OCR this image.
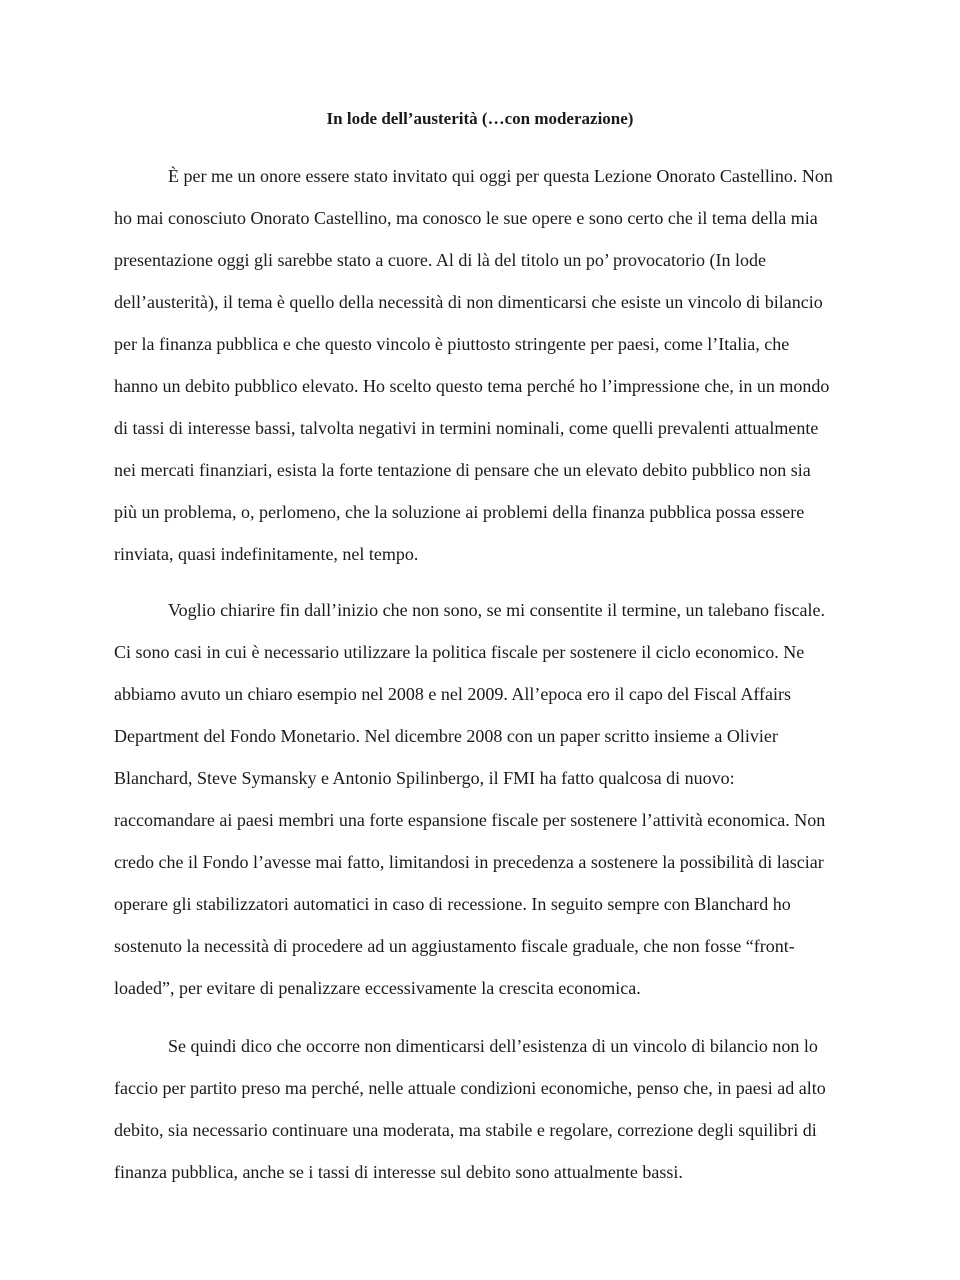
In lode dell’austerità (…con moderazione)

È per me un onore essere stato invitato qui oggi per questa Lezione Onorato Castellino. Non

ho mai conosciuto Onorato Castellino, ma conosco le sue opere e sono certo che il tema della mia

presentazione oggi gli sarebbe stato a cuore. Al di là del titolo un po’ provocatorio (In lode

dell’austerità), il tema è quello della necessità di non dimenticarsi che esiste un vincolo di bilancio

per la finanza pubblica e che questo vincolo è piuttosto stringente per paesi, come l’Italia, che

hanno un debito pubblico elevato. Ho scelto questo tema perché ho l’impressione che, in un mondo

di tassi di interesse bassi, talvolta negativi in termini nominali, come quelli prevalenti attualmente

nei mercati finanziari, esista la forte tentazione di pensare che un elevato debito pubblico non sia

più un problema, o, perlomeno, che la soluzione ai problemi della finanza pubblica possa essere

rinviata, quasi indefinitamente, nel tempo.

Voglio chiarire fin dall’inizio che non sono, se mi consentite il termine, un talebano fiscale.

Ci sono casi in cui è necessario utilizzare la politica fiscale per sostenere il ciclo economico. Ne

abbiamo avuto un chiaro esempio nel 2008 e nel 2009. All’epoca ero il capo del Fiscal Affairs

Department del Fondo Monetario. Nel dicembre 2008 con un paper scritto insieme a Olivier

Blanchard, Steve Symansky e Antonio Spilinbergo, il FMI ha fatto qualcosa di nuovo:

raccomandare ai paesi membri una forte espansione fiscale per sostenere l’attività economica. Non

credo che il Fondo l’avesse mai fatto, limitandosi in precedenza a sostenere la possibilità di lasciar

operare gli stabilizzatori automatici in caso di recessione. In seguito sempre con Blanchard ho

sostenuto la necessità di procedere ad un aggiustamento fiscale graduale, che non fosse “front-

loaded”, per evitare di penalizzare eccessivamente la crescita economica.

Se quindi dico che occorre non dimenticarsi dell’esistenza di un vincolo di bilancio non lo

faccio per partito preso ma perché, nelle attuale condizioni economiche, penso che, in paesi ad alto

debito, sia necessario continuare una moderata, ma stabile e regolare, correzione degli squilibri di

finanza pubblica, anche se i tassi di interesse sul debito sono attualmente bassi.
